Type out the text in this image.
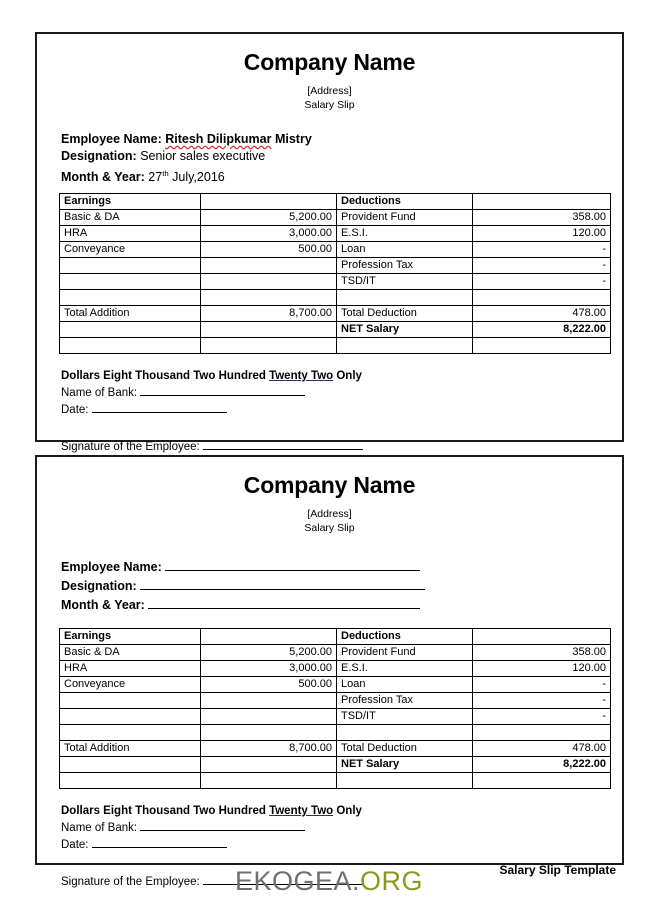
Company Name
[Address]
Salary Slip
Employee Name: Ritesh Dilipkumar Mistry
Designation: Senior sales executive
Month & Year: 27th July,2016
Earnings		Deductions	
Basic & DA	5,200.00	Provident Fund	358.00
HRA	3,000.00	E.S.I.	120.00
Conveyance	500.00	Loan	-
		Profession Tax	-
		TSD/IT	-

Total Addition	8,700.00	Total Deduction	478.00
		NET Salary	8,222.00

Dollars Eight Thousand Two Hundred Twenty Two Only
Name of Bank:
Date:
Signature of the Employee:
Company Name
[Address]
Salary Slip
Employee Name:
Designation:
Month & Year:
Earnings		Deductions	
Basic & DA	5,200.00	Provident Fund	358.00
HRA	3,000.00	E.S.I.	120.00
Conveyance	500.00	Loan	-
		Profession Tax	-
		TSD/IT	-

Total Addition	8,700.00	Total Deduction	478.00
		NET Salary	8,222.00

Dollars Eight Thousand Two Hundred Twenty Two Only
Name of Bank:
Date:
Signature of the Employee:
Salary Slip Template
EKOGEA.ORG
